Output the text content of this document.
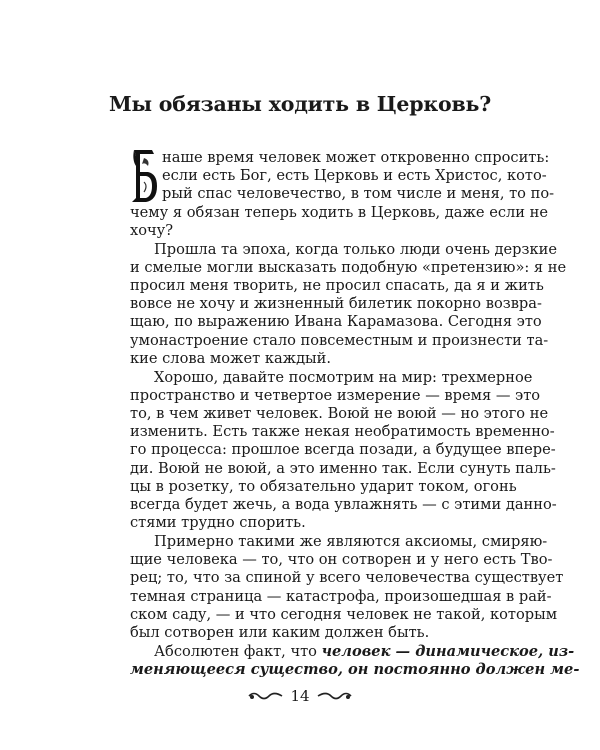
Мы обязаны ходить в Церковь?
наше время человек может откровенно спросить:
если есть Бог, есть Церковь и есть Христос, кото-
рый спас человечество, в том числе и меня, то по-
чему я обязан теперь ходить в Церковь, даже если не
хочу?
Прошла та эпоха, когда только люди очень дерзкие
и смелые могли высказать подобную «претензию»: я не
просил меня творить, не просил спасать, да я и жить
вовсе не хочу и жизненный билетик покорно возвра-
щаю, по выражению Ивана Карамазова. Сегодня это
умонастроение стало повсеместным и произнести та-
кие слова может каждый.
Хорошо, давайте посмотрим на мир: трехмерное
пространство и четвертое измерение — время — это
то, в чем живет человек. Воюй не воюй — но этого не
изменить. Есть также некая необратимость временно-
го процесса: прошлое всегда позади, а будущее впере-
ди. Воюй не воюй, а это именно так. Если сунуть паль-
цы в розетку, то обязательно ударит током, огонь
всегда будет жечь, а вода увлажнять — с этими данно-
стями трудно спорить.
Примерно такими же являются аксиомы, смиряю-
щие человека — то, что он сотворен и у него есть Тво-
рец; то, что за спиной у всего человечества существует
темная страница — катастрофа, произошедшая в рай-
ском саду, — и что сегодня человек не такой, которым
был сотворен или каким должен быть.
Абсолютен факт, что человек — динамическое, из-
меняющееся существо, он постоянно должен ме-
14
